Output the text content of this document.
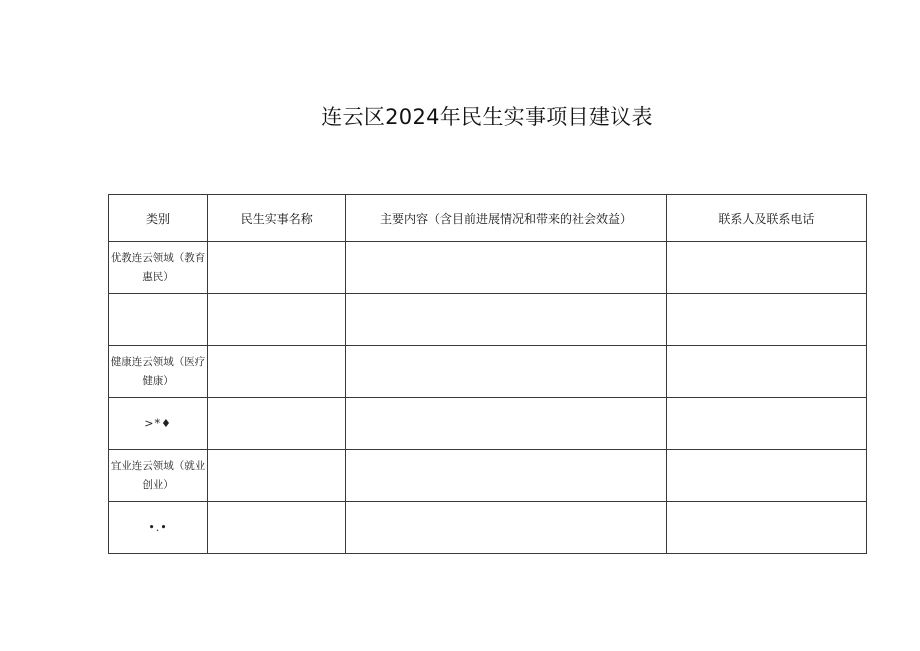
连云区2024年民生实事项目建议表
类别	民生实事名称	主要内容（含目前进展情况和带来的社会效益）	联系人及联系电话
优教连云领域（教育惠民）			

健康连云领域（医疗健康）			
>*♦			
宜业连云领域（就业创业）			
•.•			
